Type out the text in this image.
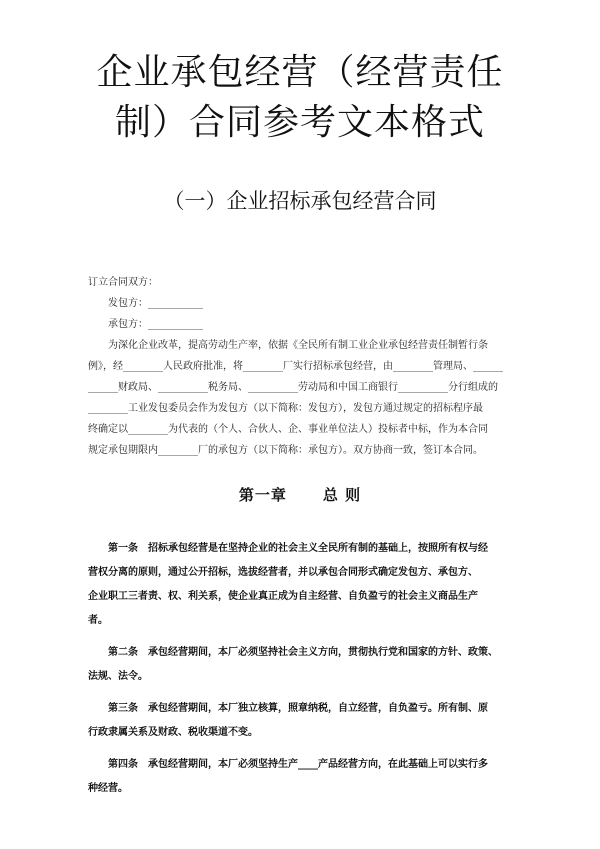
企业承包经营（经营责任
制）合同参考文本格式
（一）企业招标承包经营合同
订立合同双方：
发包方：___________
承包方：___________
为深化企业改革，提高劳动生产率，依据《全民所有制工业企业承包经营责任制暂行条
例》，经________人民政府批准，将________厂实行招标承包经营，由________管理局、______
______财政局、__________税务局、__________劳动局和中国工商银行__________分行组成的
________工业发包委员会作为发包方（以下简称：发包方），发包方通过规定的招标程序最
终确定以________为代表的（个人、合伙人、企、事业单位法人）投标者中标，作为本合同
规定承包期限内________厂的承包方（以下简称：承包方）。双方协商一致，签订本合同。
第一章 总 则
第一条　招标承包经营是在坚持企业的社会主义全民所有制的基础上，按照所有权与经
营权分离的原则，通过公开招标，选拔经营者，并以承包合同形式确定发包方、承包方、
企业职工三者责、权、利关系，使企业真正成为自主经营、自负盈亏的社会主义商品生产
者。
第二条　承包经营期间，本厂必须坚持社会主义方向，贯彻执行党和国家的方针、政策、
法规、法令。
第三条　承包经营期间，本厂独立核算，照章纳税，自立经营，自负盈亏。所有制、原
行政隶属关系及财政、税收渠道不变。
第四条　承包经营期间，本厂必须坚持生产____产品经营方向，在此基础上可以实行多
种经营。
